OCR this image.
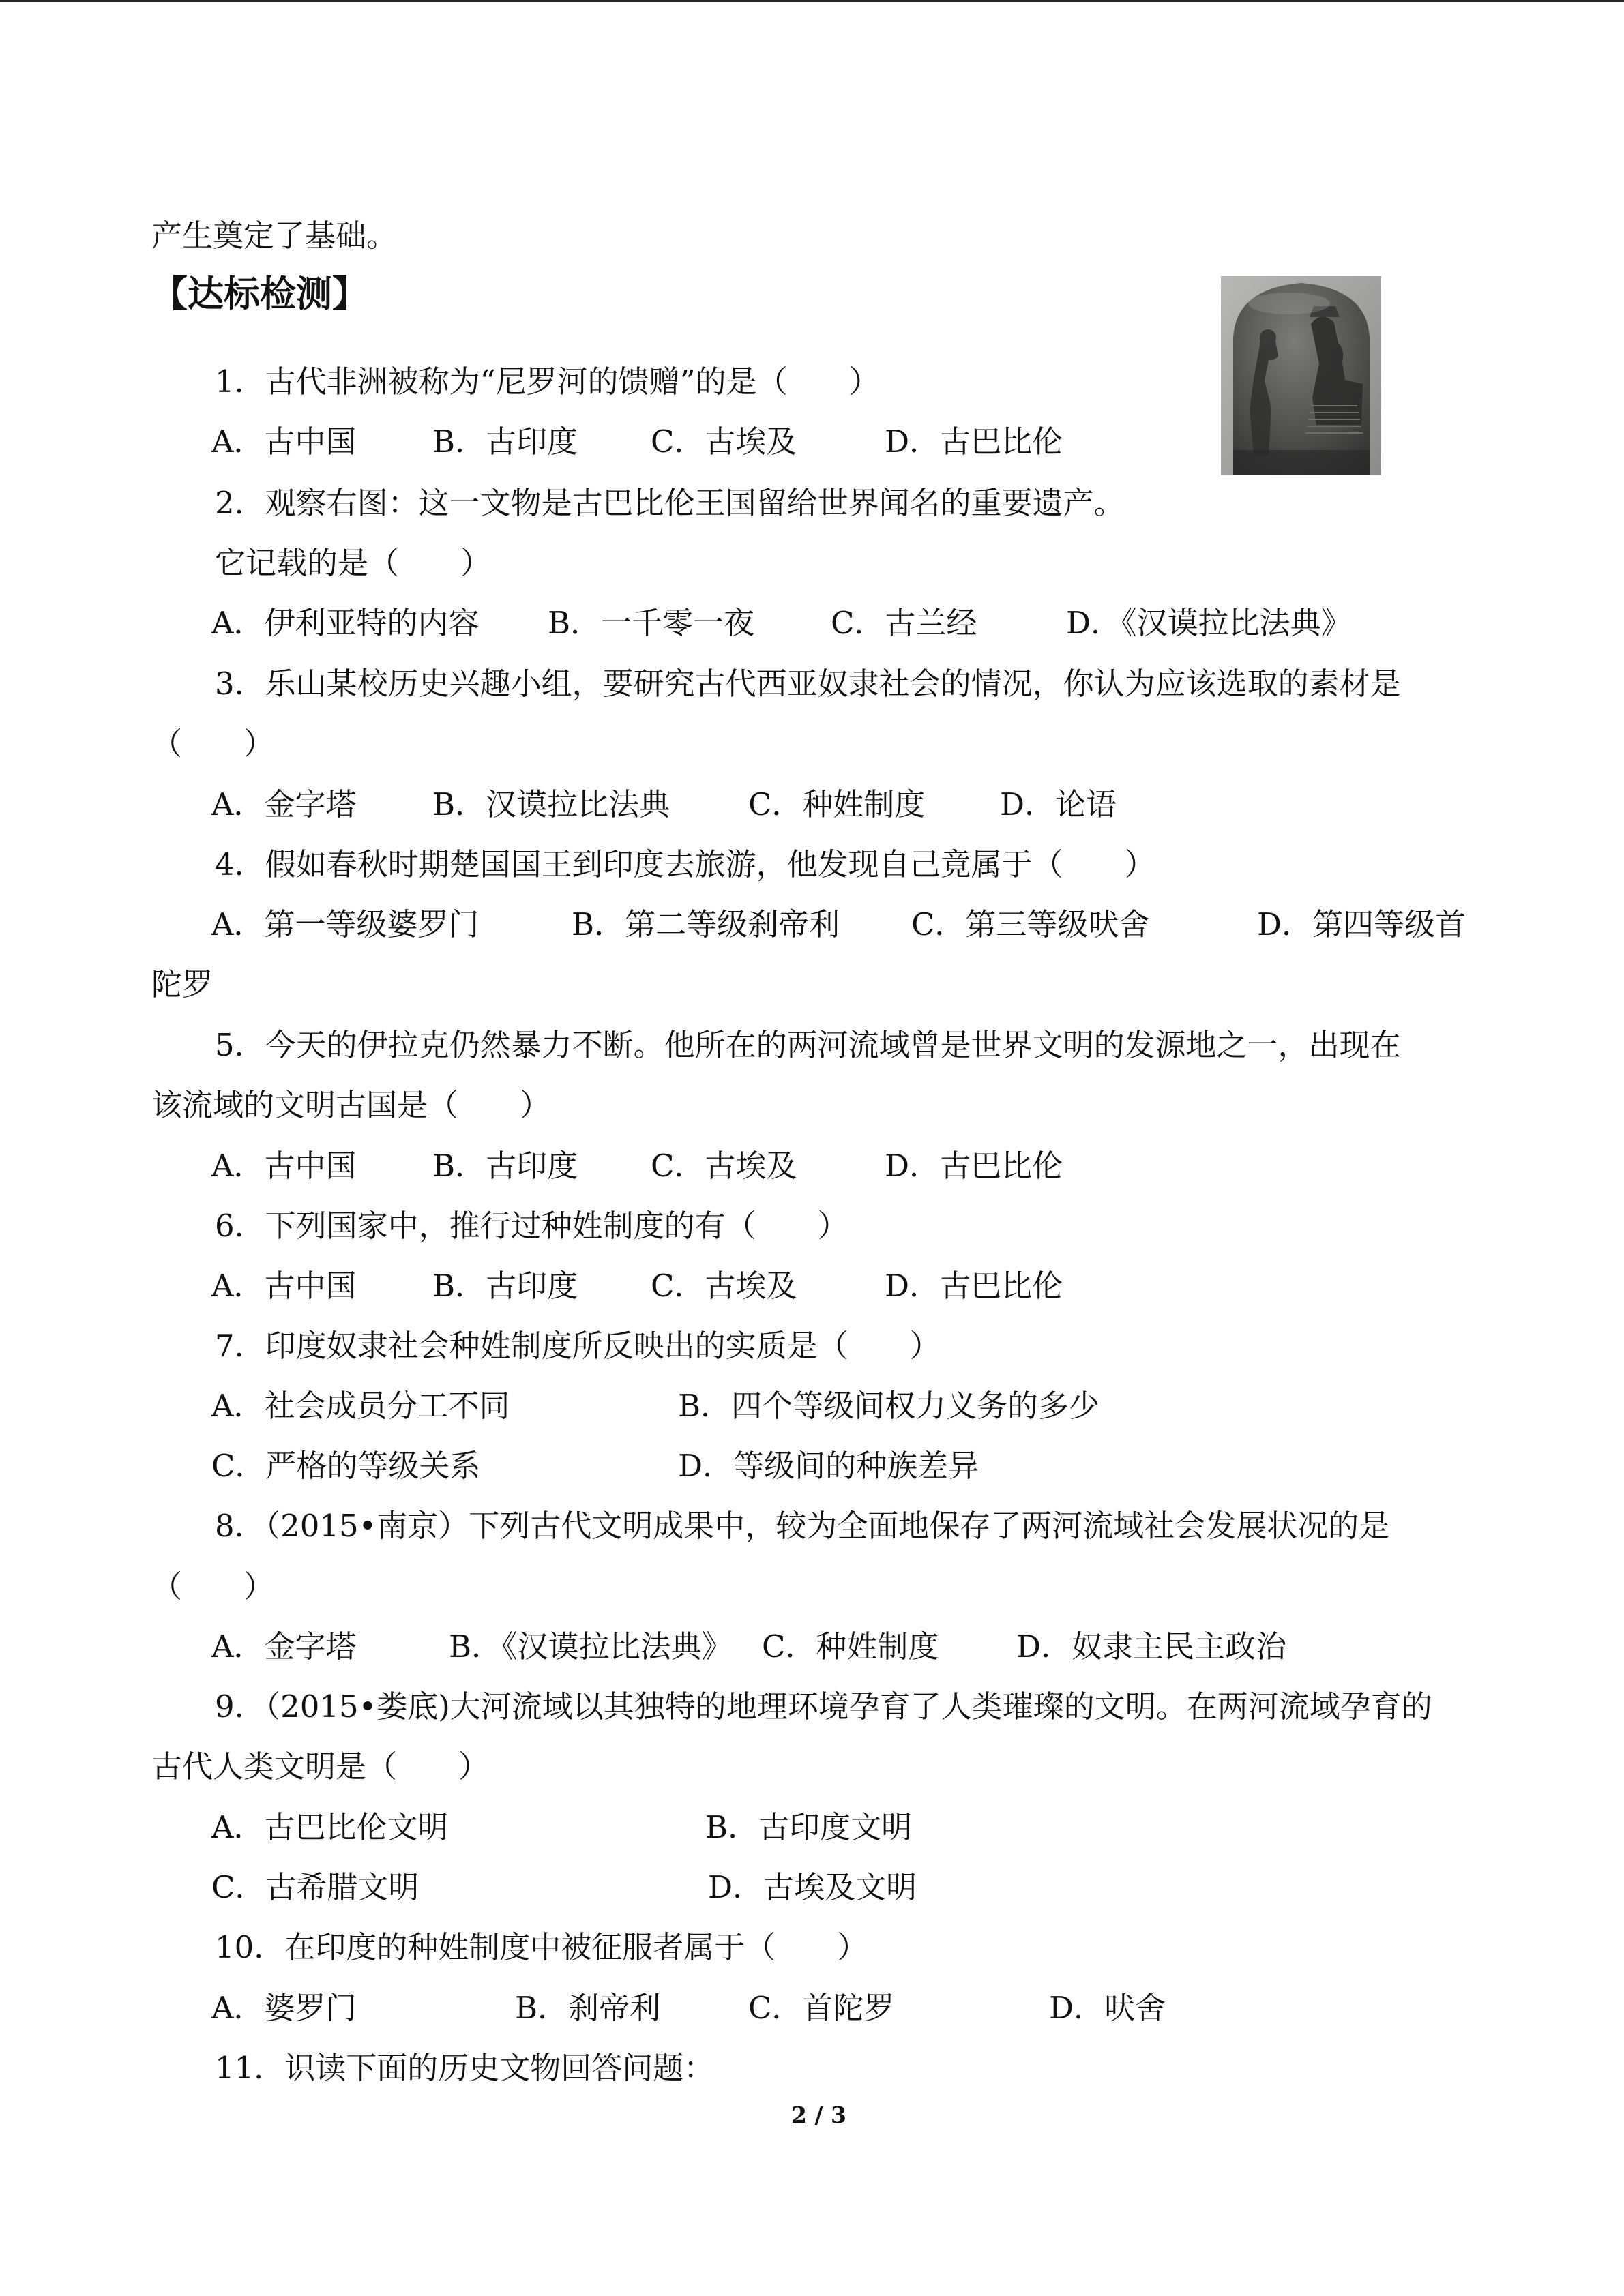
产生奠定了基础。
【达标检测】
1．古代非洲被称为“尼罗河的馈赠”的是（　　）
A．古中国 B．古印度 C．古埃及	D．古巴比伦
2．观察右图：这一文物是古巴比伦王国留给世界闻名的重要遗产。
它记载的是（　　）
A．伊利亚特的内容 B．一千零一夜 C．古兰经	D．《汉谟拉比法典》
3．乐山某校历史兴趣小组，要研究古代西亚奴隶社会的情况，你认为应该选取的素材是
（　　）
A．金字塔 B．汉谟拉比法典	C．种姓制度 D．论语
4．假如春秋时期楚国国王到印度去旅游，他发现自己竟属于（　　）
A．第一等级婆罗门	B．第二等级刹帝利 C．第三等级吠舍	D．第四等级首
陀罗
5．今天的伊拉克仍然暴力不断。他所在的两河流域曾是世界文明的发源地之一，出现在
该流域的文明古国是（　　）
A．古中国 B．古印度 C．古埃及	D．古巴比伦
6．下列国家中，推行过种姓制度的有（　　）
A．古中国 B．古印度 C．古埃及	D．古巴比伦
7．印度奴隶社会种姓制度所反映出的实质是（　　）
A．社会成员分工不同	B．四个等级间权力义务的多少
C．严格的等级关系	D．等级间的种族差异
8．（2015•南京）下列古代文明成果中，较为全面地保存了两河流域社会发展状况的是
（　　）
A．金字塔	B．《汉谟拉比法典》 C．种姓制度	D．奴隶主民主政治
9．（2015•娄底)大河流域以其独特的地理环境孕育了人类璀璨的文明。在两河流域孕育的
古代人类文明是（　　）
A．古巴比伦文明	B．古印度文明
C．古希腊文明	D．古埃及文明
10．在印度的种姓制度中被征服者属于（　　）
A．婆罗门	B．刹帝利	C．首陀罗	D．吠舍
11．识读下面的历史文物回答问题：
2 / 3
